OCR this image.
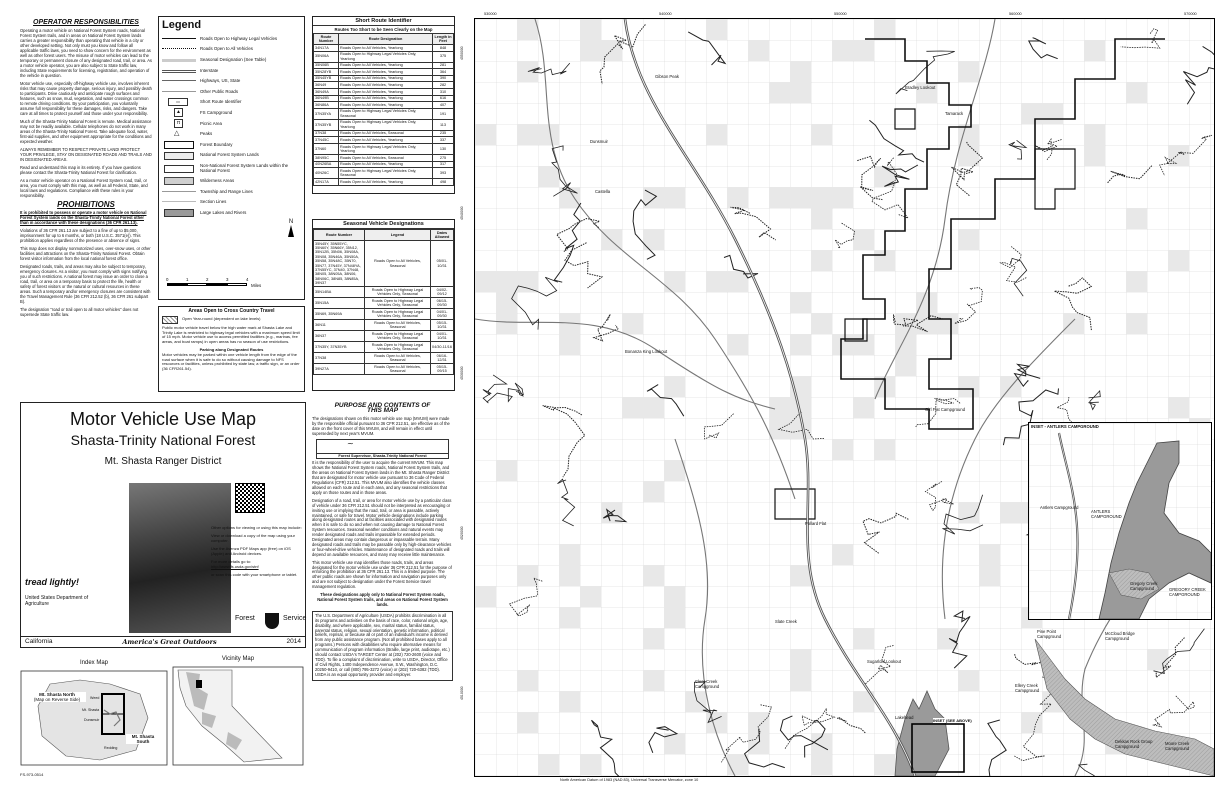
OPERATOR RESPONSIBILITIES

Operating a motor vehicle on National Forest System roads, National Forest System trails, and in areas on National Forest System lands carries a greater responsibility than operating that vehicle in a city or other developed setting. Not only must you know and follow all applicable traffic laws, you need to show concern for the environment as well as other forest users. The misuse of motor vehicles can lead to the temporary or permanent closure of any designated road, trail, or area. As a motor vehicle operator, you are also subject to State traffic law, including State requirements for licensing, registration, and operation of the vehicle in question.

Motor vehicle use, especially off-highway vehicle use, involves inherent risks that may cause property damage, serious injury, and possibly death to participants. Drive cautiously and anticipate rough surfaces and features, such as snow, mud, vegetation, and water crossings common to remote driving conditions. By your participation, you voluntarily assume full responsibility for these damages, risks, and dangers. Take care at all times to protect yourself and those under your responsibility.

Much of the Shasta-Trinity National Forest is remote. Medical assistance may not be readily available. Cellular telephones do not work in many areas of the Shasta-Trinity National Forest. Take adequate food, water, first-aid supplies, and other equipment appropriate for the conditions and expected weather.

ALWAYS REMEMBER TO RESPECT PRIVATE LAND! PROTECT YOUR PRIVILEGE, STAY ON DESIGNATED ROADS AND TRAILS AND IN DESIGNATED AREAS.

Read and understand this map in its entirety. If you have questions please contact the Shasta-Trinity National Forest for clarification.

As a motor vehicle operator on a National Forest System road, trail, or area, you must comply with this map, as well as all Federal, State, and local laws and regulations. Compliance with these rules is your responsibility.

PROHIBITIONS

It is prohibited to possess or operate a motor vehicle on National Forest System lands on the Shasta-Trinity National Forest other than in accordance with these designations (36 CFR 261.13).

Violations of 36 CFR 261.13 are subject to a fine of up to $5,000, imprisonment for up to 6 months, or both (18 U.S.C. 3571(e)). This prohibition applies regardless of the presence or absence of signs.

This map does not display nonmotorized uses, over-snow uses, or other facilities and attractions on the Shasta-Trinity National Forest. Obtain forest visitor information from the local national forest office.

Designated roads, trails, and areas may also be subject to temporary, emergency closures. As a visitor, you must comply with signs notifying you of such restrictions. A national forest may issue an order to close a road, trail, or area on a temporary basis to protect the life, health or safety of forest visitors or the natural or cultural resources in these areas. Such a temporary and/or emergency closures are consistent with the Travel Management Rule (36 CFR 212.52 (b), 36 CFR 261 subpart B).

The designation "road or trail open to all motor vehicles" does not supersede State traffic law.

Legend
Roads Open to Highway Legal Vehicles
Roads Open to All Vehicles
Seasonal Designation (See Table)
Interstate
Highways, US, State
Other Public Roads
▭	Short Route Identifier
▲	FS Campground
π	Picnic Area
△	Peaks
Forest Boundary
National Forest System Lands
Non-National Forest System Lands within the National Forest
Wilderness Areas
Township and Range Lines
Section Lines
Large Lakes and Rivers
0	1	2	3	4
Miles
N
Areas Open to Cross Country Travel
Open Year-round (dependent on lake levels)

Public motor vehicle travel below the high water mark at Shasta Lake and Trinity Lake is restricted to highway legal vehicles with a maximum speed limit of 15 mph. Motor vehicle use to access permitted facilities (e.g., marinas, fee areas, and boat ramps) in open areas has no season of use restrictions.

Parking along Designated Routes

Motor vehicles may be parked within one vehicle length from the edge of the road surface when it is safe to do so without causing damage to NFS resources or facilities, unless prohibited by state law, a traffic sign, or an order (36 CFR261.54).

Short Route Identifier
Routes Too Short to be Seen Clearly on the Map
Route Number	Route Designation	Length in Feet
34N17A	Roads Open to All Vehicles, Yearlong	848
35N06A	Roads Open to Highway Legal Vehicles Only, Yearlong	375
35N06B	Roads Open to All Vehicles, Yearlong	281
35N28YB	Roads Open to All Vehicles, Yearlong	364
35N45YB	Roads Open to All Vehicles, Yearlong	390
36N49	Roads Open to All Vehicles, Yearlong	282
36N49A	Roads Open to All Vehicles, Yearlong	310
36N49B	Roads Open to All Vehicles, Yearlong	616
36N86A	Roads Open to All Vehicles, Yearlong	407
37N35YA	Roads Open to Highway Legal Vehicles Only, Seasonal	191
37N35YB	Roads Open to Highway Legal Vehicles Only, Yearlong	113
37N38	Roads Open to All Vehicles, Seasonal	235
37N45C	Roads Open to All Vehicles, Yearlong	337
37N60	Roads Open to Highway Legal Vehicles Only, Yearlong	130
38N95C	Roads Open to All Vehicles, Seasonal	275
40N26BA	Roads Open to All Vehicles, Yearlong	317
40N26C	Roads Open to Highway Legal Vehicles Only, Seasonal	393
42N17A	Roads Open to All Vehicles, Yearlong	498
Seasonal Vehicle Designations
Route Number	Legend	Dates Allowed
35N45Y, 35N55YC, 35N60Y, 35N66Y, 35N12, 35N12B, 35N06, 35N08A, 35N08, 35N46A, 35N50A, 35N58, 35N48C, 35N70, 35N77, 37N45Y, 37N48YA, 37N55YC, 37N40, 37N48, 38N05, 38N05A, 38N06, 38N06C, 38N85, 38N85A, 39N37	Roads Open to All Vehicles, Seasonal	05/01-10/31
35N14BA	Roads Open to Highway Legal Vehicles Only, Seasonal	04/02-09/12
35N15A	Roads Open to Highway Legal Vehicles Only, Seasonal	06/15-09/30
35N69, 35N69A	Roads Open to Highway Legal Vehicles Only, Seasonal	04/01-09/30
36N11	Roads Open to All Vehicles, Seasonal	05/15-10/31
36N37	Roads Open to Highway Legal Vehicles Only, Seasonal	04/01-10/31
37N35Y, 37N35YB	Roads Open to Highway Legal Vehicles Only, Seasonal	04/30-11/16
37N38	Roads Open to All Vehicles, Seasonal	06/16-12/31
39N27A	Roads Open to All Vehicles, Seasonal	05/15-09/15
PURPOSE AND CONTENTS OF THIS MAP

The designations shown on this motor vehicle use map (MVUM) were made by the responsible official pursuant to 36 CFR 212.51, are effective as of the date on the front cover of this MVUM, and will remain in effect until superseded by next year's MVUM.

~
Forest Supervisor, Shasta-Trinity National Forest

It is the responsibility of the user to acquire the current MVUM. This map shows the National Forest System roads, National Forest System trails, and the areas on National Forest System lands in the Mt. Shasta Ranger District that are designated for motor vehicle use pursuant to 36 Code of Federal Regulations (CFR) 212.51. This MVUM also identifies the vehicle classes allowed on each route and in each area, and any seasonal restrictions that apply on those routes and in those areas.

Designation of a road, trail, or area for motor vehicle use by a particular class of vehicle under 36 CFR 212.51 should not be interpreted as encouraging or inviting use or implying that the road, trail, or area is passable, actively maintained, or safe for travel. Motor vehicle designations include parking along designated routes and at facilities associated with designated routes when it is safe to do so and when not causing damage to National Forest System resources. Seasonal weather conditions and natural events may render designated roads and trails impassable for extended periods. Designated areas may contain dangerous or impassable terrain. Many designated roads and trails may be passable only by high-clearance vehicles or four-wheel-drive vehicles. Maintenance of designated roads and trails will depend on available resources, and many may receive little maintenance.

This motor vehicle use map identifies those roads, trails, and areas designated for the motor vehicle use under 36 CFR 212.51 for the purpose of enforcing the prohibition at 36 CFR 261.13. This is a limited purpose. The other public roads are shown for information and navigation purposes only and are not subject to designation under the Forest Service travel management regulation.

These designations apply only to National Forest System roads, National Forest System trails, and areas on National Forest System lands.

The U.S. Department of Agriculture (USDA) prohibits discrimination in all its programs and activities on the basis of race, color, national origin, age, disability, and where applicable, sex, marital status, familial status, parental status, religion, sexual orientation, genetic information, political beliefs, reprisal, or because all or part of an individual's income is derived from any public assistance program. (Not all prohibited bases apply to all programs.) Persons with disabilities who require alternative means for communication of program information (Braille, large print, audiotape, etc.) should contact USDA's TARGET Center at (202) 720-2600 (voice and TDD). To file a complaint of discrimination, write to USDA, Director, Office of Civil Rights, 1400 Independence Avenue, S.W., Washington, D.C. 20250-9410, or call (800) 795-3272 (voice) or (202) 720-6382 (TDD). USDA is an equal opportunity provider and employer.
Motor Vehicle Use Map
Shasta-Trinity National Forest
Mt. Shasta Ranger District
Other options for viewing or using this map include:
View or download a copy of the map using your computer.
Use the Avenza PDF Maps app (free) on iOS (Apple) and Android devices.
For more details go to:
http://www.fs.usda.gov/stnf
or scan this code with your smartphone or tablet.
tread lightly!
United States Department of Agriculture
Forest	Service
California	America's Great Outdoors	2014
Index Map
Mt. Shasta North
(Map on Reverse Side)
Mt. Shasta South
Weed
Mt. Shasta
Dunsmuir
Redding
Vicinity Map
FS-973-0514
INSET - ANTLERS CAMPGROUND
ANTLERS CAMPGROUND
GREGORY CREEK CAMPGROUND
Pollard Flat
Lakehead
Castella
Dunsmuir
Tamarack
Bradley Lookout
Gibson Peak
Bonanza King Lookout
Girl Flat Campground
Sugarloaf Lookout
Clear Creek Campground
Antlers Campground
Ellery Creek Campground
Gregory Creek Campground
Pine Point Campground
McCloud Bridge Campground
Dekkas Rock Group Campground
Moore Creek Campground
Slate Creek
INSET (SEE ABOVE)
530000	540000	550000	560000	570000
4550000
4540000
4530000
4520000
4510000
North American Datum of 1983 (NAD 83), Universal Transverse Mercator, zone 10
